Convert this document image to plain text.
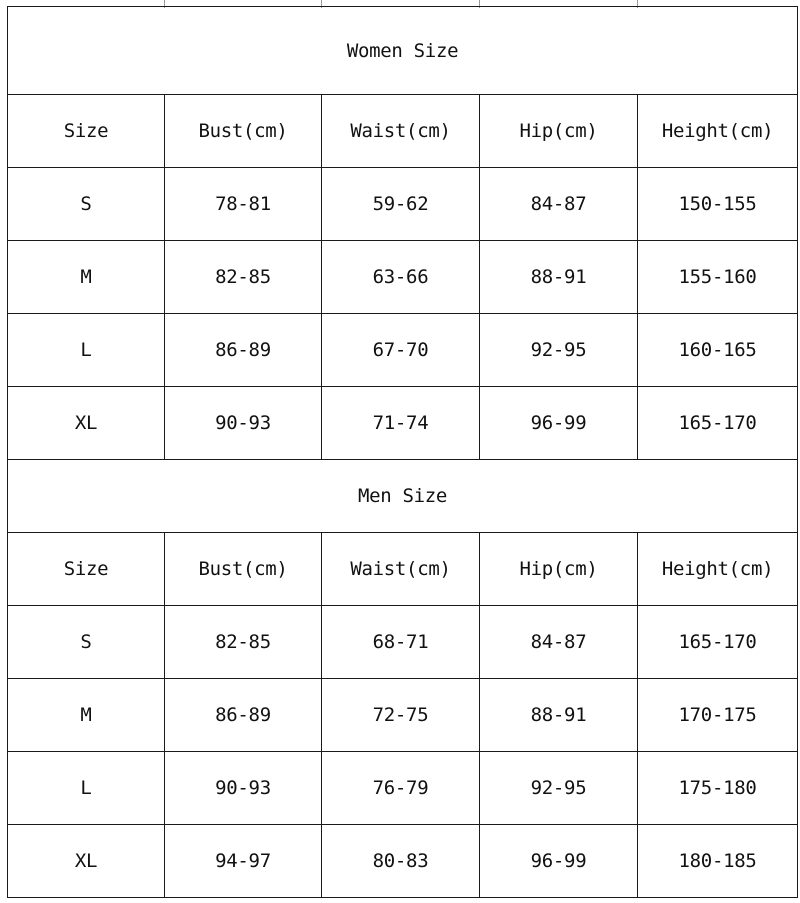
Women Size				
Size	Bust(cm)	Waist(cm)	Hip(cm)	Height(cm)
S	78-81	59-62	84-87	150-155
M	82-85	63-66	88-91	155-160
L	86-89	67-70	92-95	160-165
XL	90-93	71-74	96-99	165-170
Men Size				
Size	Bust(cm)	Waist(cm)	Hip(cm)	Height(cm)
S	82-85	68-71	84-87	165-170
M	86-89	72-75	88-91	170-175
L	90-93	76-79	92-95	175-180
XL	94-97	80-83	96-99	180-185
